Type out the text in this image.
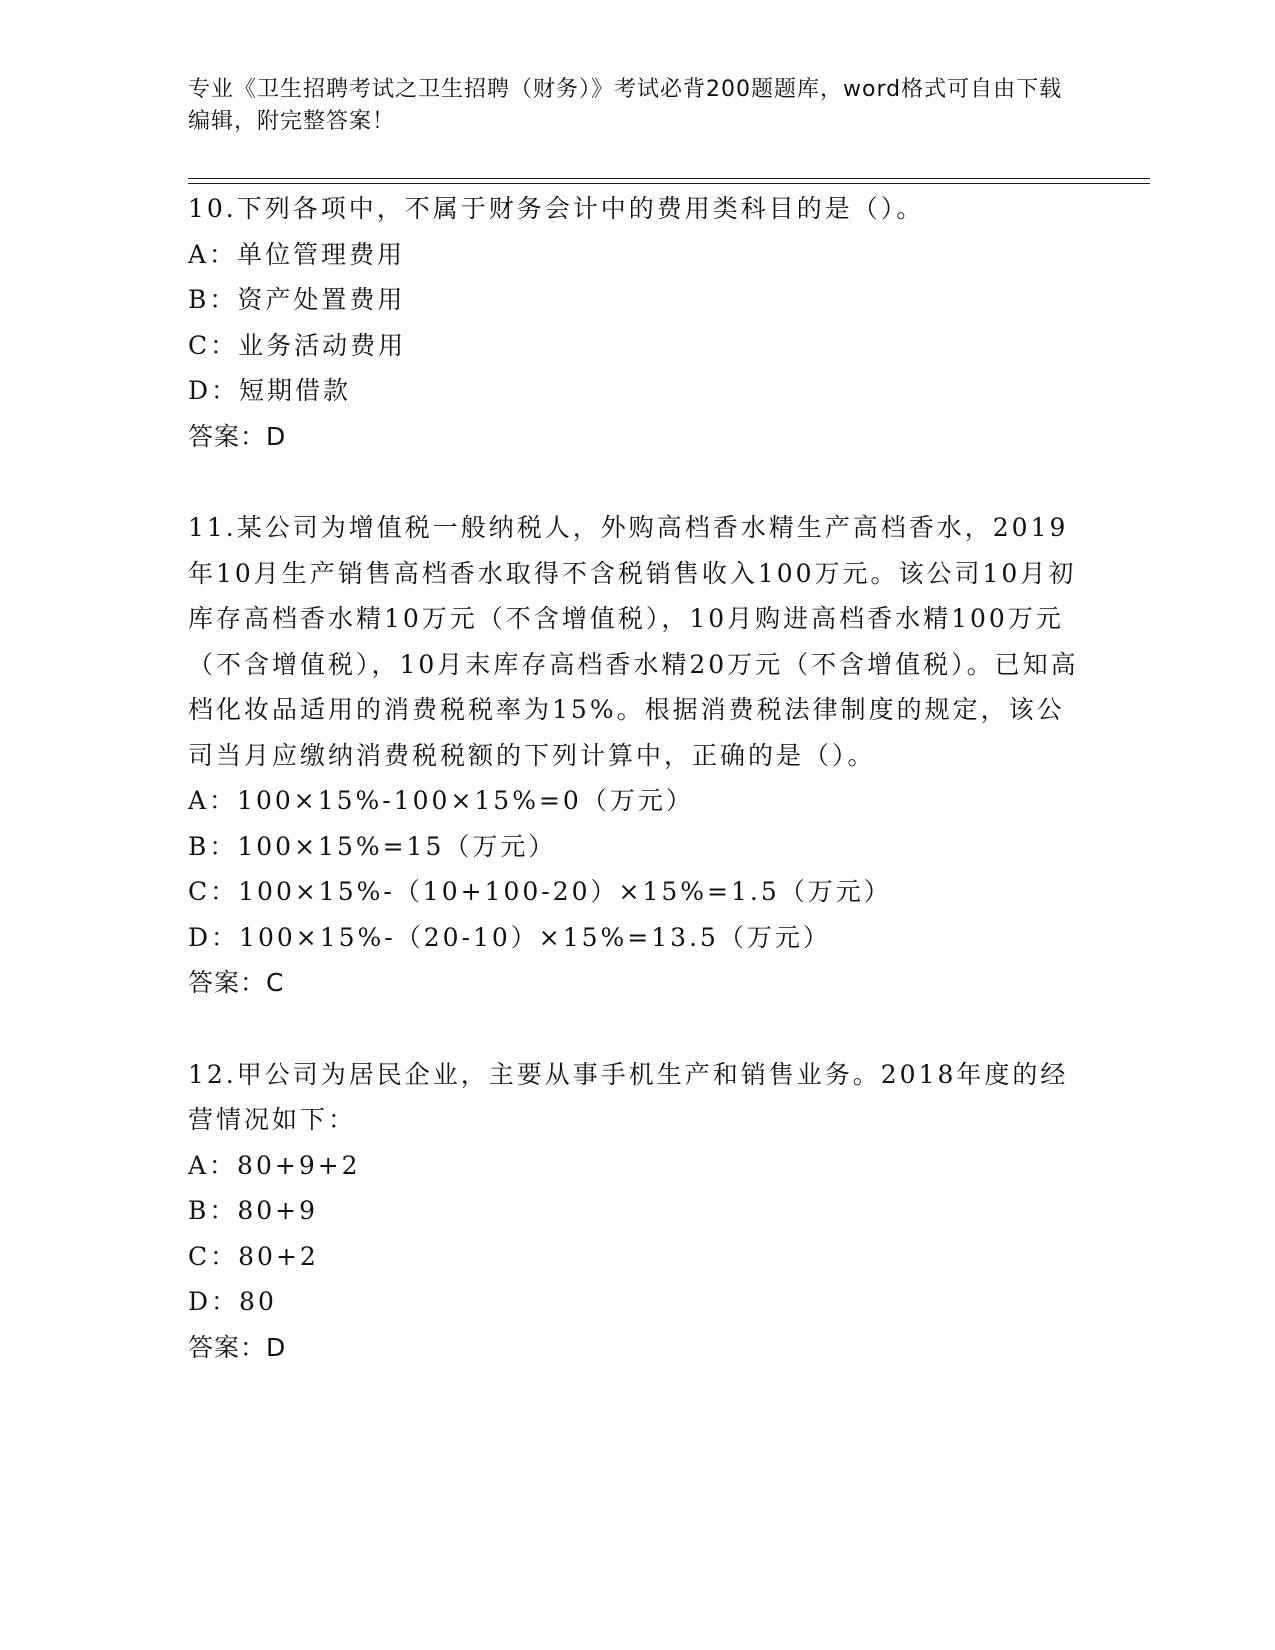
专业《卫生招聘考试之卫生招聘（财务）》考试必背200题题库，word格式可自由下载编辑，附完整答案！

10.下列各项中，不属于财务会计中的费用类科目的是（）。

A：单位管理费用

B：资产处置费用

C：业务活动费用

D：短期借款

答案：D

11.某公司为增值税一般纳税人，外购高档香水精生产高档香水，2019年10月生产销售高档香水取得不含税销售收入100万元。该公司10月初库存高档香水精10万元（不含增值税），10月购进高档香水精100万元（不含增值税），10月末库存高档香水精20万元（不含增值税）。已知高档化妆品适用的消费税税率为15%。根据消费税法律制度的规定，该公司当月应缴纳消费税税额的下列计算中，正确的是（）。

A：100×15%-100×15%=0（万元）

B：100×15%=15（万元）

C：100×15%-（10+100-20）×15%=1.5（万元）

D：100×15%-（20-10）×15%=13.5（万元）

答案：C

12.甲公司为居民企业，主要从事手机生产和销售业务。2018年度的经营情况如下：

A：80+9+2

B：80+9

C：80+2

D：80

答案：D
